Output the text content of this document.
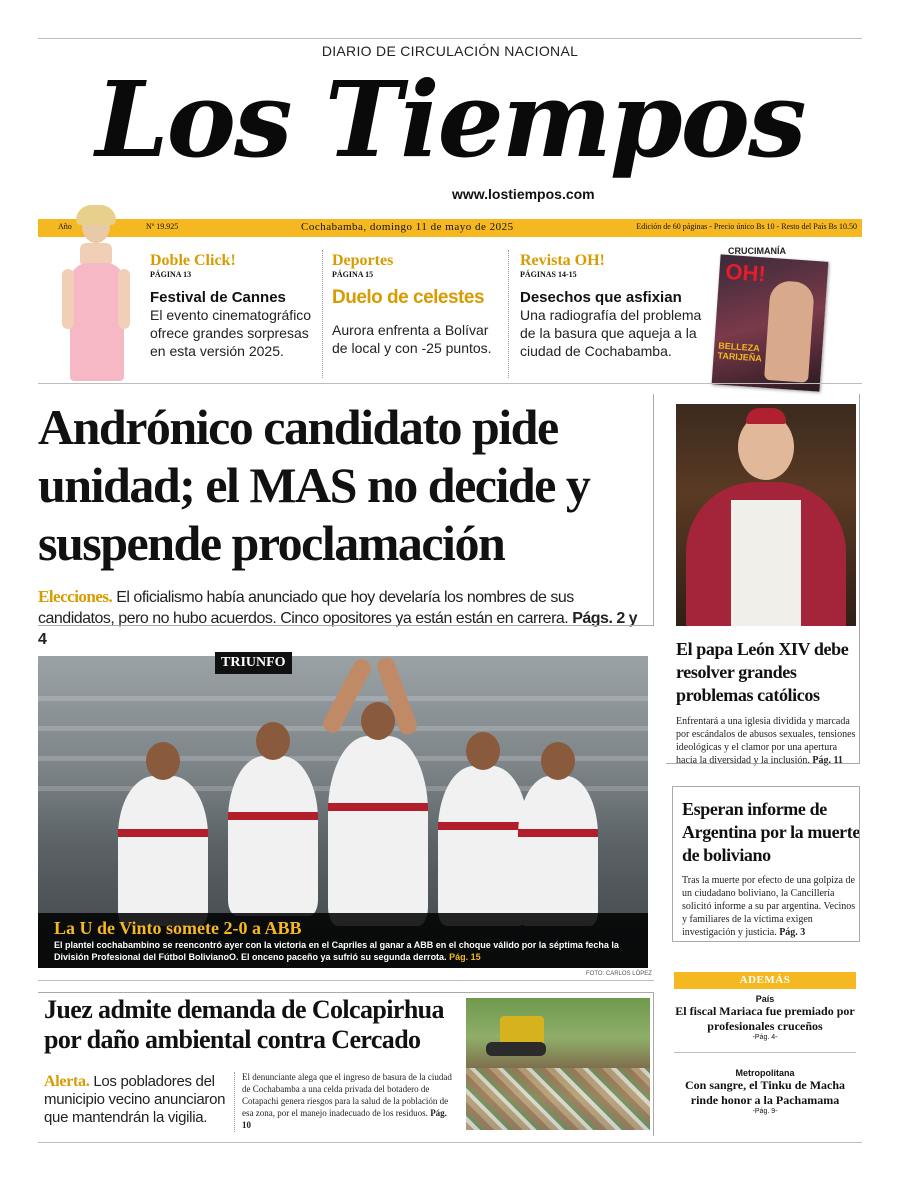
DIARIO DE CIRCULACIÓN NACIONAL
Los Tiempos
www.lostiempos.com
Año	Nº 19.925	Cochabamba, domingo 11 de mayo de 2025	Edición de 60 páginas - Precio único Bs 10 - Resto del País Bs 10.50
Doble Click!
PÁGINA 13
Festival de Cannes
El evento cinematográfico ofrece grandes sorpresas en esta versión 2025.
Deportes
PÁGINA 15
Duelo de celestes
Aurora enfrenta a Bolívar de local y con -25 puntos.
Revista OH!
PÁGINAS 14-15
Desechos que asfixian
Una radiografía del problema de la basura que aqueja a la ciudad de Cochabamba.
CRUCIMANÍA
OH!
BELLEZA TARIJEÑA
Andrónico candidato pide unidad; el MAS no decide y suspende proclamación
Elecciones. El oficialismo había anunciado que hoy develaría los nombres de sus candidatos, pero no hubo acuerdos. Cinco opositores ya están están en carrera. Págs. 2 y 4
TRIUNFO
La U de Vinto somete 2-0 a ABB
El plantel cochabambino se reencontró ayer con la victoria en el Capriles al ganar a ABB en el choque válido por la séptima fecha la División Profesional del Fútbol BolivianoO. El onceno paceño ya sufrió su segunda derrota. Pág. 15
FOTO: CARLOS LÓPEZ
El papa León XIV debe resolver grandes problemas católicos
Enfrentará a una iglesia dividida y marcada por escándalos de abusos sexuales, tensiones ideológicas y el clamor por una apertura hacia la diversidad y la inclusión. Pág. 11
Esperan informe de Argentina por la muerte de boliviano
Tras la muerte por efecto de una golpiza de un ciudadano boliviano, la Cancillería solicitó informe a su par argentina. Vecinos y familiares de la víctima exigen investigación y justicia. Pág. 3
ADEMÁS
País
El fiscal Mariaca fue premiado por profesionales cruceños
-Pág. 4-
Metropolitana
Con sangre, el Tinku de Macha rinde honor a la Pachamama
-Pág. 9-
Juez admite demanda de Colcapirhua por daño ambiental contra Cercado
Alerta. Los pobladores del municipio vecino anunciaron que mantendrán la vigilia.
El denunciante alega que el ingreso de basura de la ciudad de Cochabamba a una celda privada del botadero de Cotapachi genera riesgos para la salud de la población de esa zona, por el manejo inadecuado de los residuos. Pág. 10
